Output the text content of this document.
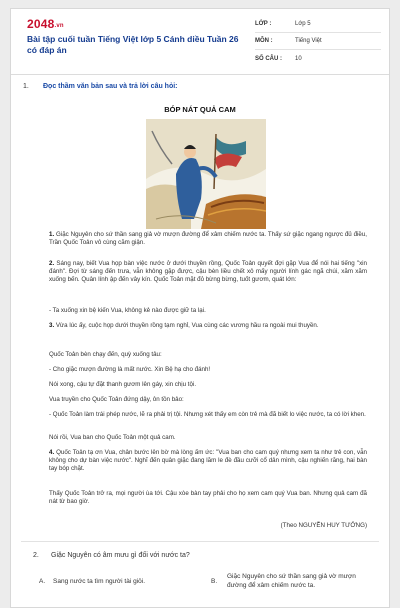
2048.vn
Bài tập cuối tuần Tiếng Việt lớp 5 Cánh diều Tuần 26 có đáp án
LỚP :	Lớp 5
MÔN :	Tiếng Việt
SỐ CÂU :	10
1. Đọc thầm văn bản sau và trả lời câu hỏi:
BÓP NÁT QUẢ CAM
1. Giặc Nguyên cho sứ thần sang giả vờ mượn đường để xâm chiếm nước ta. Thấy sứ giặc ngang ngược đủ điều, Trần Quốc Toản vô cùng căm giận.
2. Sáng nay, biết Vua họp bàn việc nước ở dưới thuyền rồng, Quốc Toản quyết đợi gặp Vua để nói hai tiếng "xin đánh". Đợi từ sáng đến trưa, vẫn không gặp được, cậu bèn liều chết xô mấy người lính gác ngã chúi, xăm xăm xuống bến. Quân lính ập đến vây kín. Quốc Toản mặt đỏ bừng bừng, tuốt gươm, quát lớn:
- Ta xuống xin bệ kiến Vua, không kẻ nào được giữ ta lại.
3. Vừa lúc ấy, cuộc họp dưới thuyền rồng tạm nghỉ, Vua cùng các vương hầu ra ngoài mui thuyền.
Quốc Toản bèn chạy đến, quỳ xuống tâu:
- Cho giặc mượn đường là mất nước. Xin Bệ hạ cho đánh!
Nói xong, cậu tự đặt thanh gươm lên gáy, xin chịu tội.
Vua truyền cho Quốc Toản đứng dậy, ôn tồn bảo:
- Quốc Toản làm trái phép nước, lẽ ra phải trị tội. Nhưng xét thấy em còn trẻ mà đã biết lo việc nước, ta có lời khen.
Nói rồi, Vua ban cho Quốc Toản một quả cam.
4. Quốc Toản tạ ơn Vua, chân bước lên bờ mà lòng ấm ức: "Vua ban cho cam quý nhưng xem ta như trẻ con, vẫn không cho dự bàn việc nước". Nghĩ đến quân giặc đang lăm le đè đầu cưỡi cổ dân mình, cậu nghiến răng, hai bàn tay bóp chặt.
Thấy Quốc Toản trở ra, mọi người ùa tới. Cậu xòe bàn tay phải cho họ xem cam quý Vua ban. Nhưng quả cam đã nát từ bao giờ.
(Theo NGUYỄN HUY TƯỞNG)
2. Giặc Nguyên có âm mưu gì đối với nước ta?
A. Sang nước ta tìm người tài giỏi.	B.
Giặc Nguyên cho sứ thần sang giả vờ mượn đường để xâm chiếm nước ta.
